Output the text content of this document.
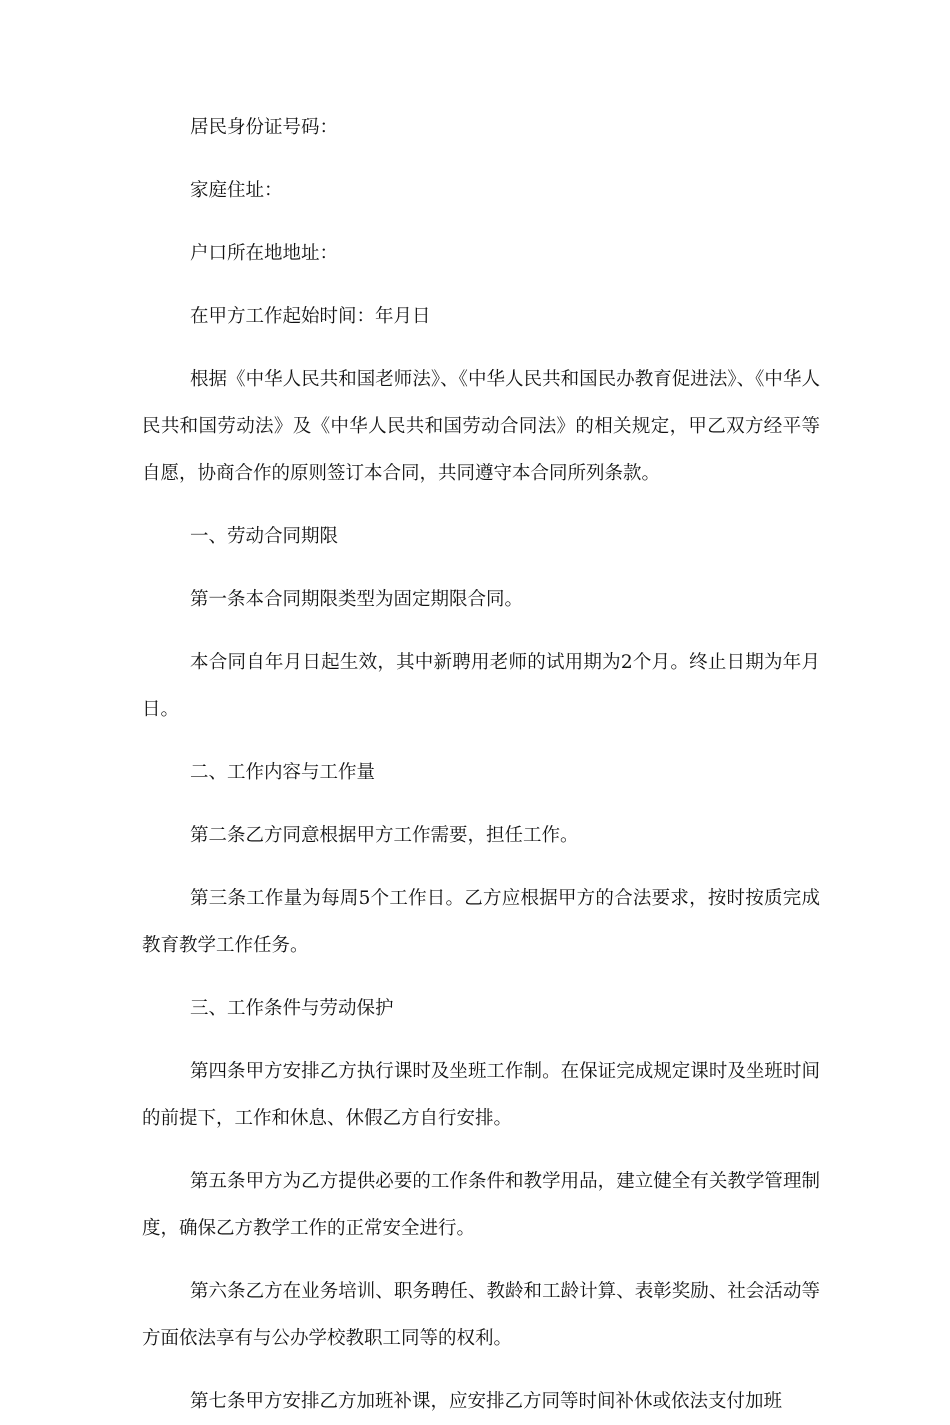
居民身份证号码：

家庭住址：

户口所在地地址：

在甲方工作起始时间：年月日

根据《中华人民共和国老师法》、《中华人民共和国民办教育促进法》、《中华人民共和国劳动法》及《中华人民共和国劳动合同法》的相关规定，甲乙双方经平等自愿，协商合作的原则签订本合同，共同遵守本合同所列条款。

一、劳动合同期限

第一条本合同期限类型为固定期限合同。

本合同自年月日起生效，其中新聘用老师的试用期为2个月。终止日期为年月日。

二、工作内容与工作量

第二条乙方同意根据甲方工作需要，担任工作。

第三条工作量为每周5个工作日。乙方应根据甲方的合法要求，按时按质完成教育教学工作任务。

三、工作条件与劳动保护

第四条甲方安排乙方执行课时及坐班工作制。在保证完成规定课时及坐班时间的前提下，工作和休息、休假乙方自行安排。

第五条甲方为乙方提供必要的工作条件和教学用品，建立健全有关教学管理制度，确保乙方教学工作的正常安全进行。

第六条乙方在业务培训、职务聘任、教龄和工龄计算、表彰奖励、社会活动等方面依法享有与公办学校教职工同等的权利。

第七条甲方安排乙方加班补课，应安排乙方同等时间补休或依法支付加班
